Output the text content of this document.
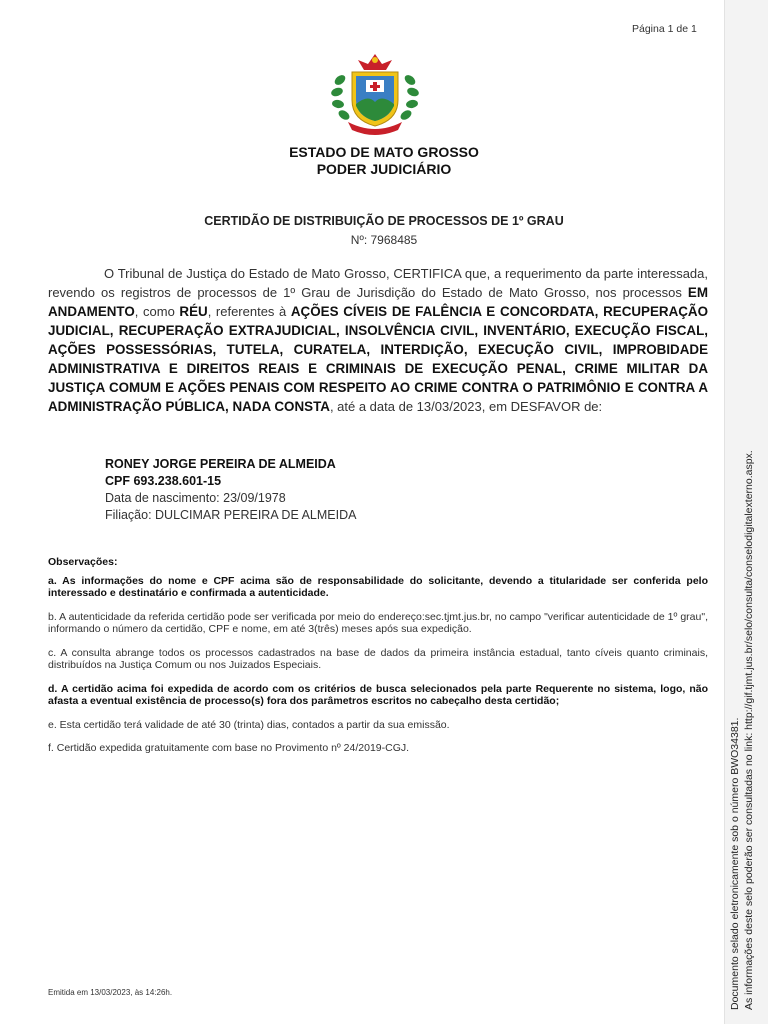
Página 1 de 1
ESTADO DE MATO GROSSO
PODER JUDICIÁRIO
CERTIDÃO DE DISTRIBUIÇÃO DE PROCESSOS DE 1º GRAU
Nº: 7968485
O Tribunal de Justiça do Estado de Mato Grosso, CERTIFICA que, a requerimento da parte interessada, revendo os registros de processos de 1º Grau de Jurisdição do Estado de Mato Grosso, nos processos EM ANDAMENTO, como RÉU, referentes à AÇÕES CÍVEIS DE FALÊNCIA E CONCORDATA, RECUPERAÇÃO JUDICIAL, RECUPERAÇÃO EXTRAJUDICIAL, INSOLVÊNCIA CIVIL, INVENTÁRIO, EXECUÇÃO FISCAL, AÇÕES POSSESSÓRIAS, TUTELA, CURATELA, INTERDIÇÃO, EXECUÇÃO CIVIL, IMPROBIDADE ADMINISTRATIVA E DIREITOS REAIS E CRIMINAIS DE EXECUÇÃO PENAL, CRIME MILITAR DA JUSTIÇA COMUM E AÇÕES PENAIS COM RESPEITO AO CRIME CONTRA O PATRIMÔNIO E CONTRA A ADMINISTRAÇÃO PÚBLICA, NADA CONSTA, até a data de 13/03/2023, em DESFAVOR de:
RONEY JORGE PEREIRA DE ALMEIDA
CPF 693.238.601-15
Data de nascimento: 23/09/1978
Filiação: DULCIMAR PEREIRA DE ALMEIDA
Observações:

a. As informações do nome e CPF acima são de responsabilidade do solicitante, devendo a titularidade ser conferida pelo interessado e destinatário e confirmada a autenticidade.

b. A autenticidade da referida certidão pode ser verificada por meio do endereço:sec.tjmt.jus.br, no campo "verificar autenticidade de 1º grau", informando o número da certidão, CPF e nome, em até 3(três) meses após sua expedição.

c. A consulta abrange todos os processos cadastrados na base de dados da primeira instância estadual, tanto cíveis quanto criminais, distribuídos na Justiça Comum ou nos Juizados Especiais.

d. A certidão acima foi expedida de acordo com os critérios de busca selecionados pela parte Requerente no sistema, logo, não afasta a eventual existência de processo(s) fora dos parâmetros escritos no cabeçalho desta certidão;

e. Esta certidão terá validade de até 30 (trinta) dias, contados a partir da sua emissão.

f. Certidão expedida gratuitamente com base no Provimento nº 24/2019-CGJ.

Emitida em 13/03/2023, às 14:26h.	Documento selado eletronicamente sob o número BWO34381. As informações deste selo poderão ser consultadas no link: http://gif.tjmt.jus.br/selo/consulta/conselodigitalexterno.aspx.
